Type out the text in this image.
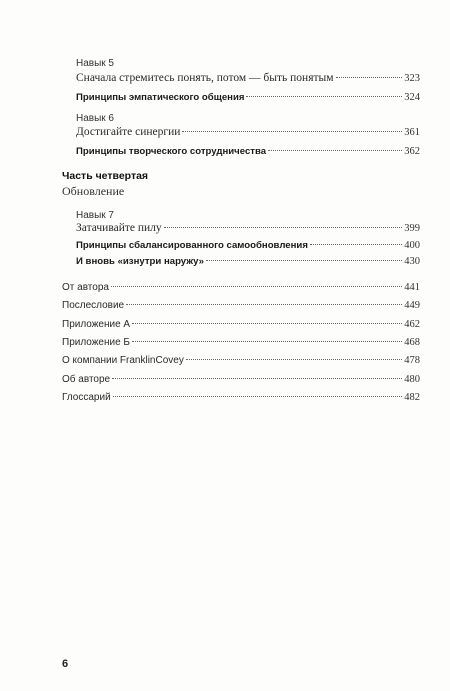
Навык 5
Сначала стремитесь понять, потом — быть понятым	323
Принципы эмпатического общения	324
Навык 6
Достигайте синергии	361
Принципы творческого сотрудничества	362
Часть четвертая
Обновление
Навык 7
Затачивайте пилу	399
Принципы сбалансированного самообновления	400
И вновь «изнутри наружу»	430
От автора	441
Послесловие	449
Приложение А	462
Приложение Б	468
О компании FranklinCovey	478
Об авторе	480
Глоссарий	482
6
